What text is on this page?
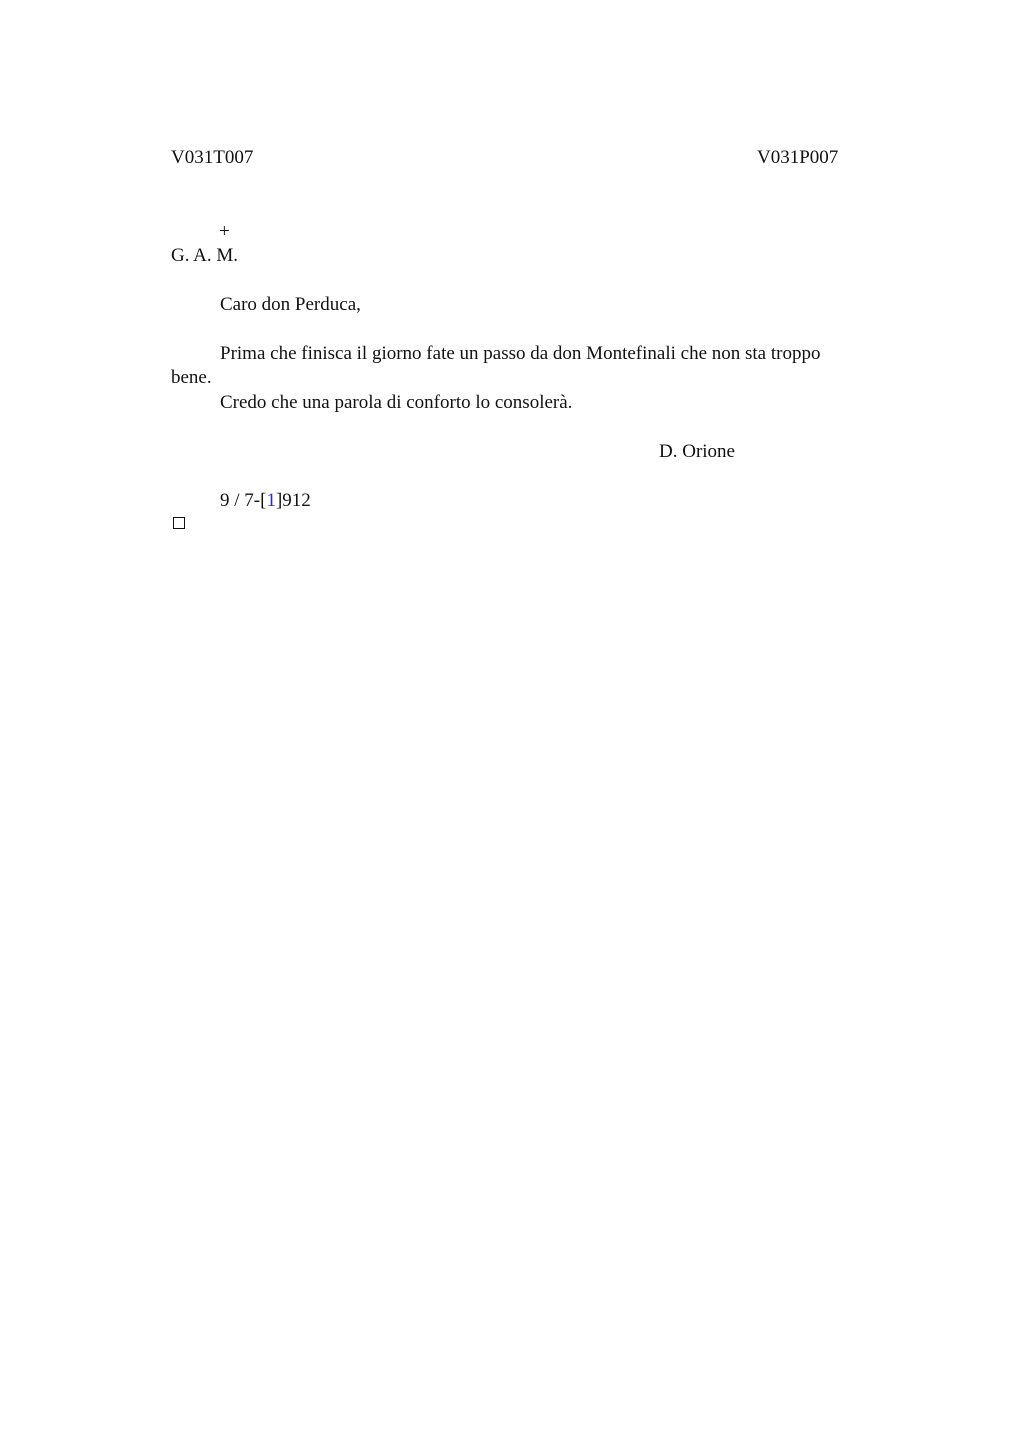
V031T007	V031P007
+
G. A. M.
Caro don Perduca,
Prima che finisca il giorno fate un passo da don Montefinali che non sta troppo
bene.
Credo che una parola di conforto lo consolerà.
D. Orione
9 / 7-[1]912
